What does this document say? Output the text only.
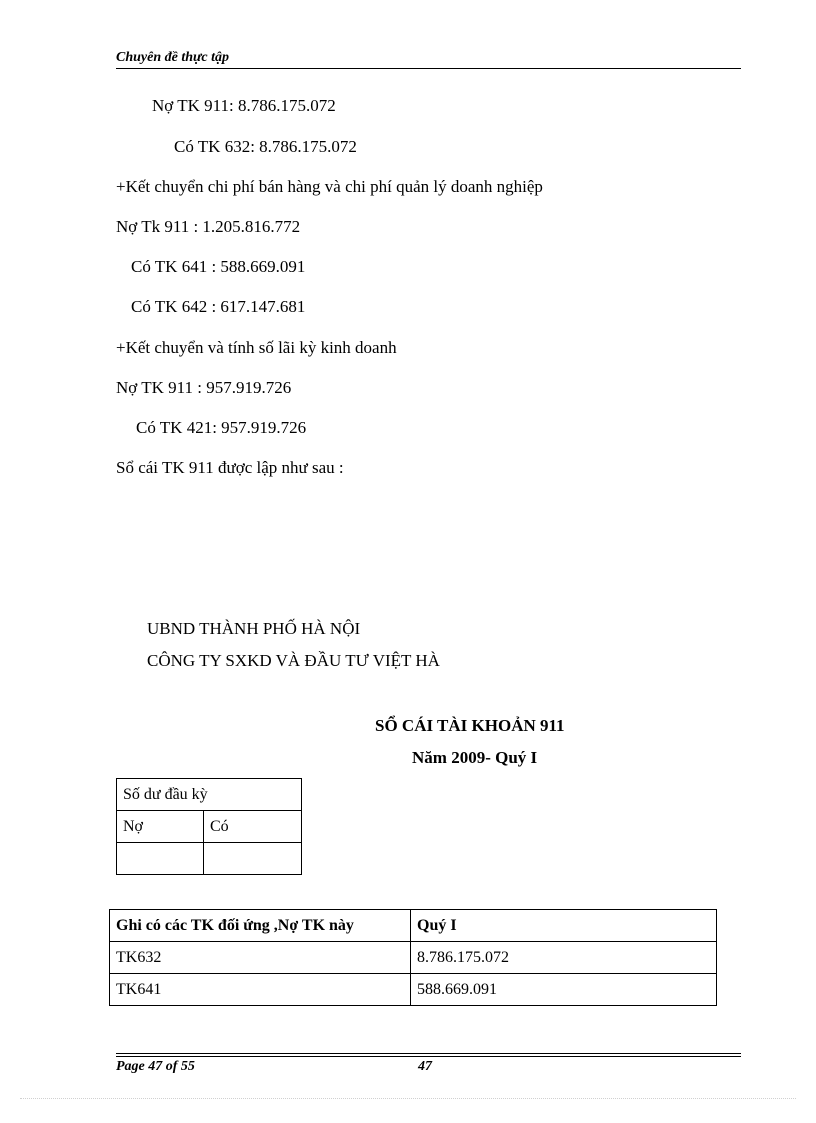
Chuyên đề thực tập
Nợ TK 911: 8.786.175.072
Có TK 632: 8.786.175.072
+Kết chuyển chi phí bán hàng và chi phí quản lý doanh nghiệp
Nợ Tk 911 : 1.205.816.772
Có TK 641 : 588.669.091
Có TK 642 : 617.147.681
+Kết chuyển và tính số lãi kỳ kinh doanh
Nợ TK 911 : 957.919.726
Có TK 421: 957.919.726
Sổ cái TK 911 được lập như sau :
UBND THÀNH PHỐ HÀ NỘI
CÔNG TY SXKD VÀ ĐẦU TƯ VIỆT HÀ
SỔ CÁI TÀI KHOẢN 911
Năm 2009- Quý I
Số dư đầu kỳ	
Nợ	Có

Ghi có các TK đối ứng ,Nợ TK này	Quý I
TK632	8.786.175.072
TK641	588.669.091
Page 47 of 55	47
